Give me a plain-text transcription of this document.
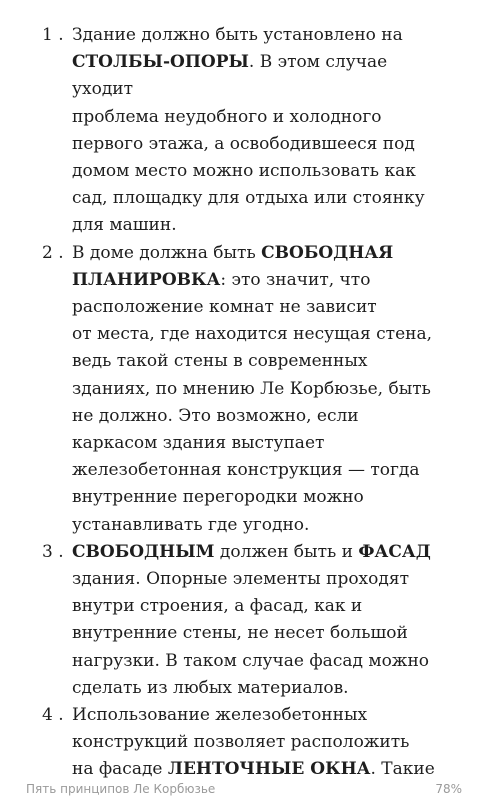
1 . Здание должно быть установлено на
СТОЛБЫ-ОПОРЫ. В этом случае уходит
проблема неудобного и холодного
первого этажа, а освободившееся под
домом место можно использовать как
сад, площадку для отдыха или стоянку
для машин.
2 . В доме должна быть СВОБОДНАЯ
ПЛАНИРОВКА: это значит, что
расположение комнат не зависит
от места, где находится несущая стена,
ведь такой стены в современных
зданиях, по мнению Ле Корбюзье, быть
не должно. Это возможно, если
каркасом здания выступает
железобетонная конструкция — тогда
внутренние перегородки можно
устанавливать где угодно.
3 . СВОБОДНЫМ должен быть и ФАСАД
здания. Опорные элементы проходят
внутри строения, а фасад, как и
внутренние стены, не несет большой
нагрузки. В таком случае фасад можно
сделать из любых материалов.
4 . Использование железобетонных
конструкций позволяет расположить
на фасаде ЛЕНТОЧНЫЕ ОКНА. Такие
Пять принципов Ле Корбюзье	78%
